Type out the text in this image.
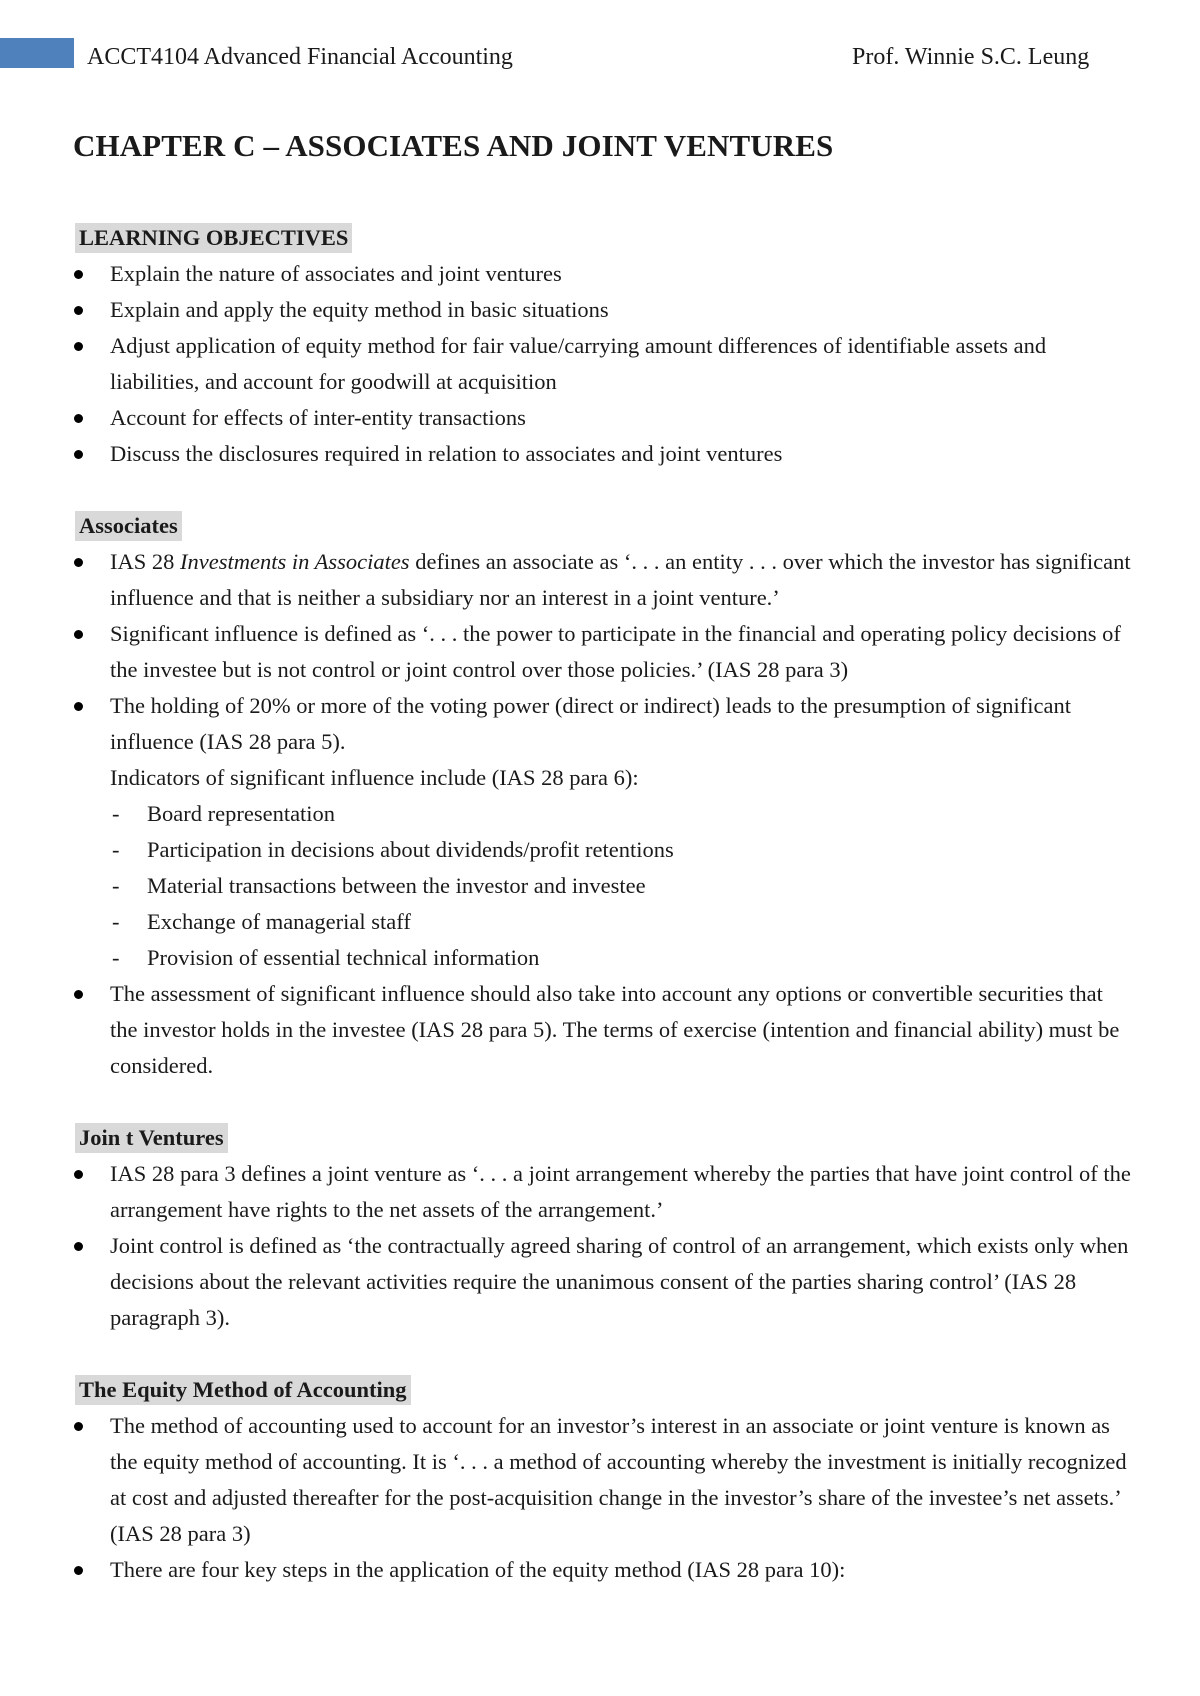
ACCT4104 Advanced Financial Accounting	Prof. Winnie S.C. Leung
CHAPTER C – ASSOCIATES AND JOINT VENTURES
LEARNING OBJECTIVES
Explain the nature of associates and joint ventures
Explain and apply the equity method in basic situations
Adjust application of equity method for fair value/carrying amount differences of identifiable assets and liabilities, and account for goodwill at acquisition
Account for effects of inter-entity transactions
Discuss the disclosures required in relation to associates and joint ventures
Associates
IAS 28 Investments in Associates defines an associate as ‘. . . an entity . . . over which the investor has significant influence and that is neither a subsidiary nor an interest in a joint venture.’
Significant influence is defined as ‘. . . the power to participate in the financial and operating policy decisions of the investee but is not control or joint control over those policies.’ (IAS 28 para 3)
The holding of 20% or more of the voting power (direct or indirect) leads to the presumption of significant influence (IAS 28 para 5).
Indicators of significant influence include (IAS 28 para 6):
- Board representation
- Participation in decisions about dividends/profit retentions
- Material transactions between the investor and investee
- Exchange of managerial staff
- Provision of essential technical information
The assessment of significant influence should also take into account any options or convertible securities that the investor holds in the investee (IAS 28 para 5). The terms of exercise (intention and financial ability) must be considered.
Join t Ventures
IAS 28 para 3 defines a joint venture as ‘. . . a joint arrangement whereby the parties that have joint control of the arrangement have rights to the net assets of the arrangement.’
Joint control is defined as ‘the contractually agreed sharing of control of an arrangement, which exists only when decisions about the relevant activities require the unanimous consent of the parties sharing control’ (IAS 28 paragraph 3).
The Equity Method of Accounting
The method of accounting used to account for an investor’s interest in an associate or joint venture is known as the equity method of accounting. It is ‘. . . a method of accounting whereby the investment is initially recognized at cost and adjusted thereafter for the post-acquisition change in the investor’s share of the investee’s net assets.’ (IAS 28 para 3)
There are four key steps in the application of the equity method (IAS 28 para 10):
